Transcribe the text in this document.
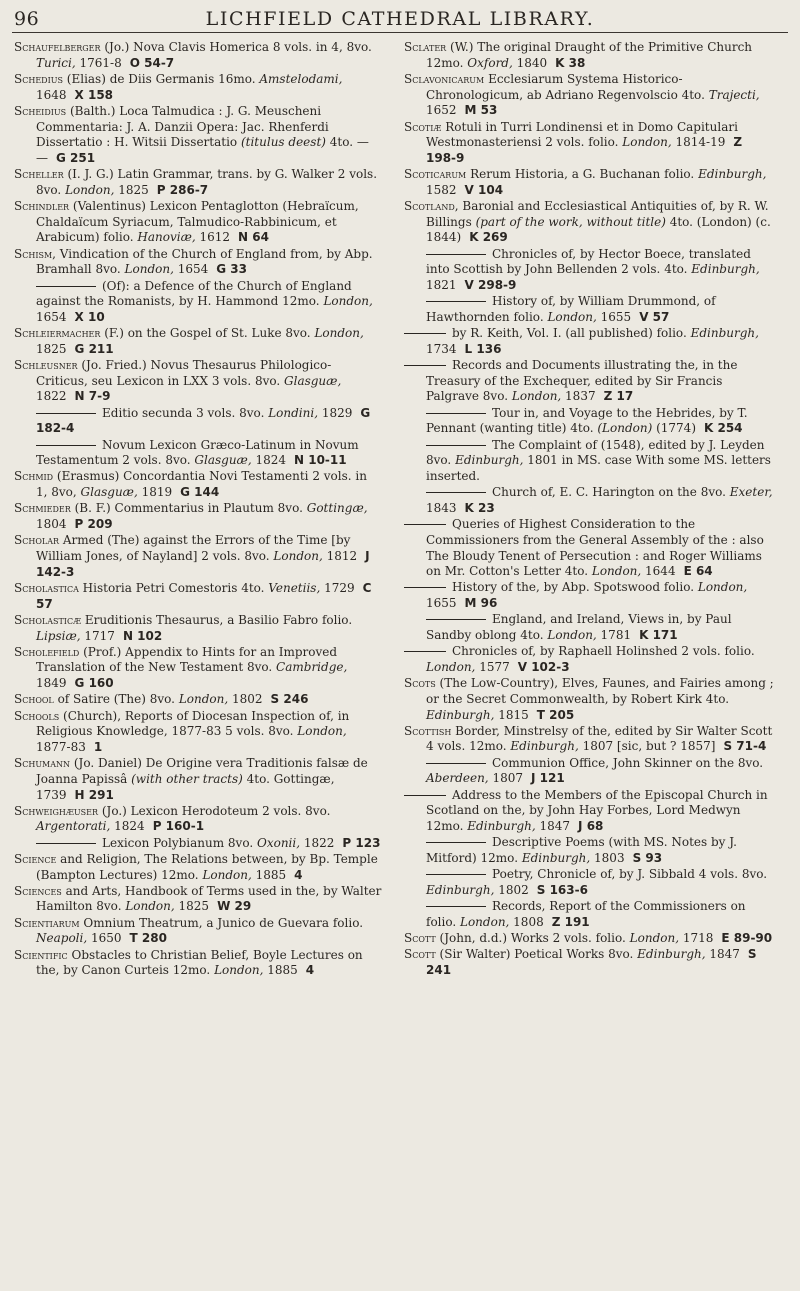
96	LICHFIELD CATHEDRAL LIBRARY.
Schaufelberger (Jo.) Nova Clavis Homerica 8 vols. in 4, 8vo. Turici, 1761-8 O 54-7
Schedius (Elias) de Diis Germanis 16mo. Amstelodami, 1648 X 158
Scheidius (Balth.) Loca Talmudica : J. G. Meuscheni Commentaria: J. A. Danzii Opera: Jac. Rhenferdi Dissertatio : H. Witsii Dissertatio (titulus deest) 4to. — — G 251
Scheller (I. J. G.) Latin Grammar, trans. by G. Walker 2 vols. 8vo. London, 1825 P 286-7
Schindler (Valentinus) Lexicon Pentaglotton (Hebraïcum, Chaldaïcum Syriacum, Talmudico-Rabbinicum, et Arabicum) folio. Hanoviæ, 1612 N 64
Schism, Vindication of the Church of England from, by Abp. Bramhall 8vo. London, 1654 G 33
(Of): a Defence of the Church of England against the Romanists, by H. Hammond 12mo. London, 1654 X 10
Schleiermacher (F.) on the Gospel of St. Luke 8vo. London, 1825 G 211
Schleusner (Jo. Fried.) Novus Thesaurus Philologico-Criticus, seu Lexicon in LXX 3 vols. 8vo. Glasguæ, 1822 N 7-9
Editio secunda 3 vols. 8vo. Londini, 1829 G 182-4
Novum Lexicon Græco-Latinum in Novum Testamentum 2 vols. 8vo. Glasguæ, 1824 N 10-11
Schmid (Erasmus) Concordantia Novi Testamenti 2 vols. in 1, 8vo, Glasguæ, 1819 G 144
Schmieder (B. F.) Commentarius in Plautum 8vo. Gottingæ, 1804 P 209
Scholar Armed (The) against the Errors of the Time [by William Jones, of Nayland] 2 vols. 8vo. London, 1812 J 142-3
Scholastica Historia Petri Comestoris 4to. Venetiis, 1729 C 57
Scholasticæ Eruditionis Thesaurus, a Basilio Fabro folio. Lipsiæ, 1717 N 102
Scholefield (Prof.) Appendix to Hints for an Improved Translation of the New Testament 8vo. Cambridge, 1849 G 160
School of Satire (The) 8vo. London, 1802 S 246
Schools (Church), Reports of Diocesan Inspection of, in Religious Knowledge, 1877-83 5 vols. 8vo. London, 1877-83 1
Schumann (Jo. Daniel) De Origine vera Traditionis falsæ de Joanna Papissâ (with other tracts) 4to. Gottingæ, 1739 H 291
Schweighæuser (Jo.) Lexicon Herodoteum 2 vols. 8vo. Argentorati, 1824 P 160-1
Lexicon Polybianum 8vo. Oxonii, 1822 P 123
Science and Religion, The Relations between, by Bp. Temple (Bampton Lectures) 12mo. London, 1885 4
Sciences and Arts, Handbook of Terms used in the, by Walter Hamilton 8vo. London, 1825 W 29
Scientiarum Omnium Theatrum, a Junico de Guevara folio. Neapoli, 1650 T 280
Scientific Obstacles to Christian Belief, Boyle Lectures on the, by Canon Curteis 12mo. London, 1885 4
Sclater (W.) The original Draught of the Primitive Church 12mo. Oxford, 1840 K 38
Sclavonicarum Ecclesiarum Systema Historico-Chronologicum, ab Adriano Regenvolscio 4to. Trajecti, 1652 M 53
Scotiæ Rotuli in Turri Londinensi et in Domo Capitulari Westmonasteriensi 2 vols. folio. London, 1814-19 Z 198-9
Scoticarum Rerum Historia, a G. Buchanan folio. Edinburgh, 1582 V 104
Scotland, Baronial and Ecclesiastical Antiquities of, by R. W. Billings (part of the work, without title) 4to. (London) (c. 1844) K 269
Chronicles of, by Hector Boece, translated into Scottish by John Bellenden 2 vols. 4to. Edinburgh, 1821 V 298-9
History of, by William Drummond, of Hawthornden folio. London, 1655 V 57
by R. Keith, Vol. I. (all published) folio. Edinburgh, 1734 L 136
Records and Documents illustrating the, in the Treasury of the Exchequer, edited by Sir Francis Palgrave 8vo. London, 1837 Z 17
Tour in, and Voyage to the Hebrides, by T. Pennant (wanting title) 4to. (London) (1774) K 254
The Complaint of (1548), edited by J. Leyden 8vo. Edinburgh, 1801 in MS. case With some MS. letters inserted.
Church of, E. C. Harington on the 8vo. Exeter, 1843 K 23
Queries of Highest Consideration to the Commissioners from the General Assembly of the : also The Bloudy Tenent of Persecution : and Roger Williams on Mr. Cotton's Letter 4to. London, 1644 E 64
History of the, by Abp. Spotswood folio. London, 1655 M 96
England, and Ireland, Views in, by Paul Sandby oblong 4to. London, 1781 K 171
Chronicles of, by Raphaell Holinshed 2 vols. folio. London, 1577 V 102-3
Scots (The Low-Country), Elves, Faunes, and Fairies among ; or the Secret Commonwealth, by Robert Kirk 4to. Edinburgh, 1815 T 205
Scottish Border, Minstrelsy of the, edited by Sir Walter Scott 4 vols. 12mo. Edinburgh, 1807 [sic, but ? 1857] S 71-4
Communion Office, John Skinner on the 8vo. Aberdeen, 1807 J 121
Address to the Members of the Episcopal Church in Scotland on the, by John Hay Forbes, Lord Medwyn 12mo. Edinburgh, 1847 J 68
Descriptive Poems (with MS. Notes by J. Mitford) 12mo. Edinburgh, 1803 S 93
Poetry, Chronicle of, by J. Sibbald 4 vols. 8vo. Edinburgh, 1802 S 163-6
Records, Report of the Commissioners on folio. London, 1808 Z 191
Scott (John, d.d.) Works 2 vols. folio. London, 1718 E 89-90
Scott (Sir Walter) Poetical Works 8vo. Edinburgh, 1847 S 241
